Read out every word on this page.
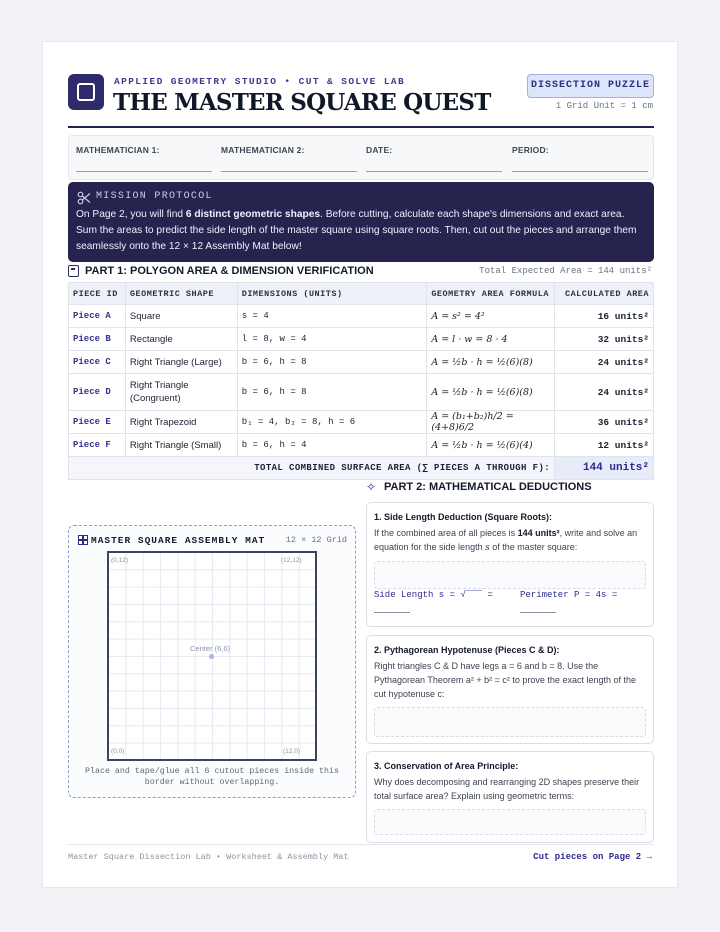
APPLIED GEOMETRY STUDIO • CUT & SOLVE LAB
THE MASTER SQUARE QUEST
DISSECTION PUZZLE
1 Grid Unit = 1 cm
MATHEMATICIAN 1:	MATHEMATICIAN 2:	DATE:	PERIOD:
MISSION PROTOCOL
On Page 2, you will find 6 distinct geometric shapes. Before cutting, calculate each shape's dimensions and exact area. Sum the areas to predict the side length of the master square using square roots. Then, cut out the pieces and arrange them seamlessly onto the 12 × 12 Assembly Mat below!
PART 1: POLYGON AREA & DIMENSION VERIFICATION	Total Expected Area = 144 units²
PIECE ID	GEOMETRIC SHAPE	DIMENSIONS (UNITS)	GEOMETRY AREA FORMULA	CALCULATED AREA
Piece A	Square	s = 4	A = s² = 4²	16 units²
Piece B	Rectangle	l = 8, w = 4	A = l · w = 8 · 4	32 units²
Piece C	Right Triangle (Large)	b = 6, h = 8	A = ½b · h = ½(6)(8)	24 units²
Piece D	Right Triangle (Congruent)	b = 6, h = 8	A = ½b · h = ½(6)(8)	24 units²
Piece E	Right Trapezoid	b₁ = 4, b₂ = 8, h = 6	A = (b₁+b₂)h/2 = (4+8)6/2	36 units²
Piece F	Right Triangle (Small)	b = 6, h = 4	A = ½b · h = ½(6)(4)	12 units²
TOTAL COMBINED SURFACE AREA (∑ PIECES A THROUGH F):				144 units²
✧ PART 2: MATHEMATICAL DEDUCTIONS
1. Side Length Deduction (Square Roots):
If the combined area of all pieces is 144 units², write and solve an equation for the side length s of the master square:
Side Length s = √‾‾‾ =	Perimeter P = 4s =

2. Pythagorean Hypotenuse (Pieces C & D):
Right triangles C & D have legs a = 6 and b = 8. Use the Pythagorean Theorem a² + b² = c² to prove the exact length of the cut hypotenuse c:
3. Conservation of Area Principle:
Why does decomposing and rearranging 2D shapes preserve their total surface area? Explain using geometric terms:
MASTER SQUARE ASSEMBLY MAT 12 × 12 Grid
(0,12)	(12,12)
(0,0)	(12,0)
Center (6,6)
Place and tape/glue all 6 cutout pieces inside this border without overlapping.
Master Square Dissection Lab • Worksheet & Assembly Mat	Cut pieces on Page 2 →
